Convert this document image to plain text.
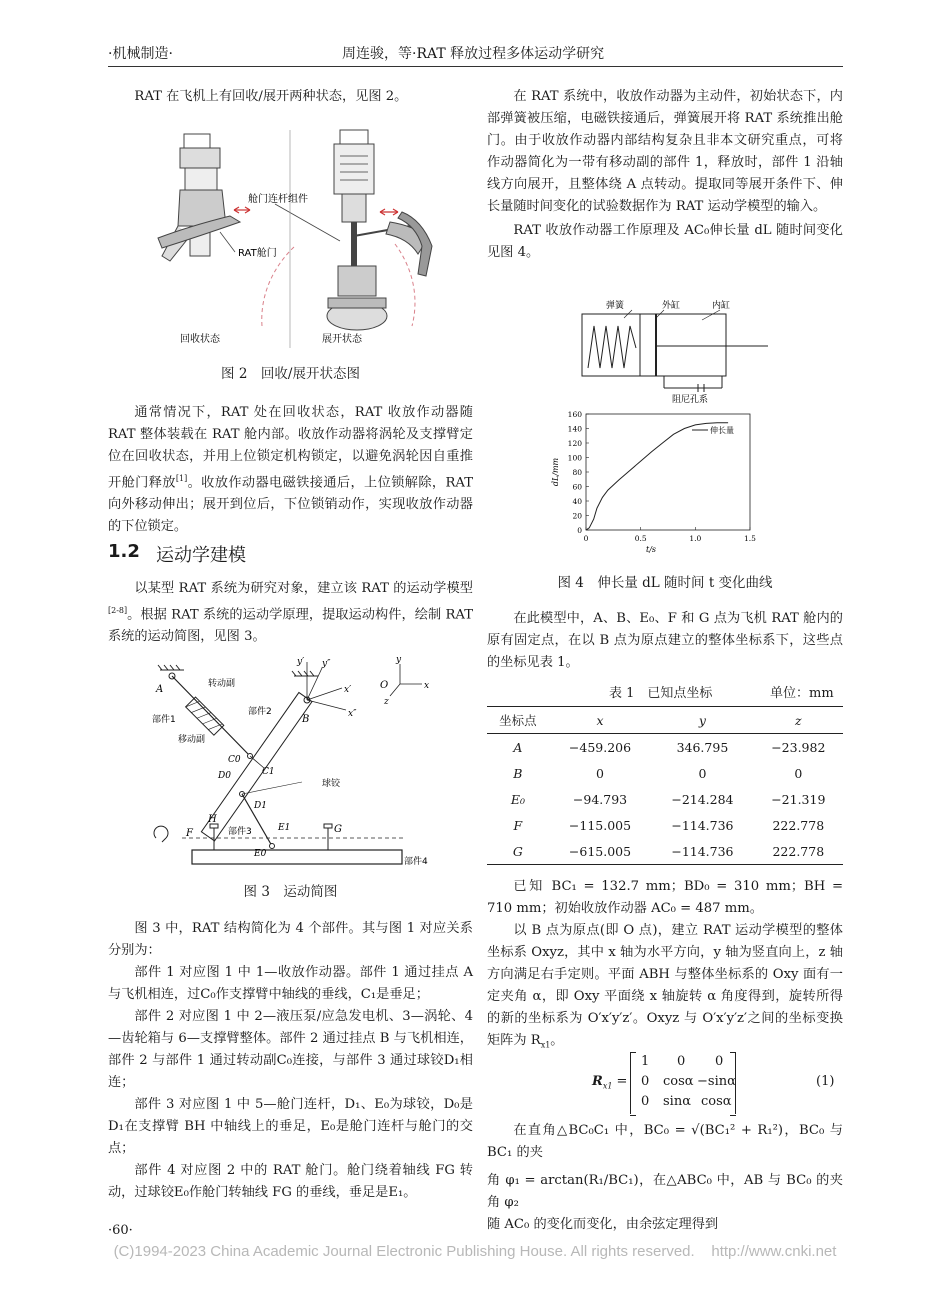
·机械制造·	周连骏，等·RAT 释放过程多体运动学研究

RAT 在飞机上有回收/展开两种状态，见图 2。

舱门连杆组件
RAT舱门
回收状态	展开状态
图 2　回收/展开状态图

通常情况下，RAT 处在回收状态，RAT 收放作动器随 RAT 整体装载在 RAT 舱内部。收放作动器将涡轮及支撑臂定位在回收状态，并用上位锁定机构锁定，以避免涡轮因自重推开舱门释放[1]。收放作动器电磁铁接通后，上位锁解除，RAT 向外移动伸出；展开到位后，下位锁销动作，实现收放作动器的下位锁定。

1.2 运动学建模

以某型 RAT 系统为研究对象，建立该 RAT 的运动学模型[2-8]。根据 RAT 系统的运动学原理，提取运动构件，绘制 RAT 系统的运动简图，见图 3。

A
B
C0
C1
D0
D1
E1
E0
F
H
G
O	x
y
z
y′
x′
y″
x″
转动副
部件1
移动副
部件2
球铰
部件3
部件4
图 3　运动简图

图 3 中，RAT 结构简化为 4 个部件。其与图 1 对应关系分别为：

部件 1 对应图 1 中 1—收放作动器。部件 1 通过挂点 A 与飞机相连，过C₀作支撑臂中轴线的垂线，C₁是垂足；

部件 2 对应图 1 中 2—液压泵/应急发电机、3—涡轮、4—齿轮箱与 6—支撑臂整体。部件 2 通过挂点 B 与飞机相连，部件 2 与部件 1 通过转动副C₀连接，与部件 3 通过球铰D₁相连；

部件 3 对应图 1 中 5—舱门连杆，D₁、E₀为球铰，D₀是D₁在支撑臂 BH 中轴线上的垂足，E₀是舱门连杆与舱门的交点；

部件 4 对应图 2 中的 RAT 舱门。舱门绕着轴线 FG 转动，过球铰E₀作舱门转轴线 FG 的垂线，垂足是E₁。

·60·

在 RAT 系统中，收放作动器为主动件，初始状态下，内部弹簧被压缩，电磁铁接通后，弹簧展开将 RAT 系统推出舱门。由于收放作动器内部结构复杂且非本文研究重点，可将作动器简化为一带有移动副的部件 1，释放时，部件 1 沿轴线方向展开，且整体绕 A 点转动。提取同等展开条件下、伸长量随时间变化的试验数据作为 RAT 运动学模型的输入。

RAT 收放作动器工作原理及 AC₀伸长量 dL 随时间变化见图 4。

弹簧	外缸	内缸
阻尼孔系
0
20
40
60
80
100
120
140
160
0	0.5	1.0	1.5
伸长量
t/s
dL/mm
图 4　伸长量 dL 随时间 t 变化曲线

在此模型中，A、B、E₀、F 和 G 点为飞机 RAT 舱内的原有固定点，在以 B 点为原点建立的整体坐标系下，这些点的坐标见表 1。

表 1　已知点坐标	单位：mm
坐标点	x	y	z
A	−459.206	346.795	−23.982
B	0	0	0
E₀	−94.793	−214.284	−21.319
F	−115.005	−114.736	222.778
G	−615.005	−114.736	222.778

已知 BC₁ = 132.7 mm；BD₀ = 310 mm；BH = 710 mm；初始收放作动器 AC₀ = 487 mm。

以 B 点为原点(即 O 点)，建立 RAT 运动学模型的整体坐标系 Oxyz，其中 x 轴为水平方向，y 轴为竖直向上，z 轴方向满足右手定则。平面 ABH 与整体坐标系的 Oxy 面有一定夹角 α，即 Oxy 平面绕 x 轴旋转 α 角度得到，旋转所得的新的坐标系为 O′x′y′z′。Oxyz 与 O′x′y′z′之间的坐标变换矩阵为 $R_{x1}$。

$R_{x1}$ =
1 0 0
0 cosα −sinα
0 sinα cosα
(1)

在直角△BC₀C₁ 中，BC₀ = √(BC₁² + R₁²)，BC₀ 与 BC₁ 的夹

角 φ₁ = arctan(R₁/BC₁)，在△ABC₀ 中，AB 与 BC₀ 的夹角 φ₂

随 AC₀ 的变化而变化，由余弦定理得到

(C)1994-2023 China Academic Journal Electronic Publishing House. All rights reserved.    http://www.cnki.net
